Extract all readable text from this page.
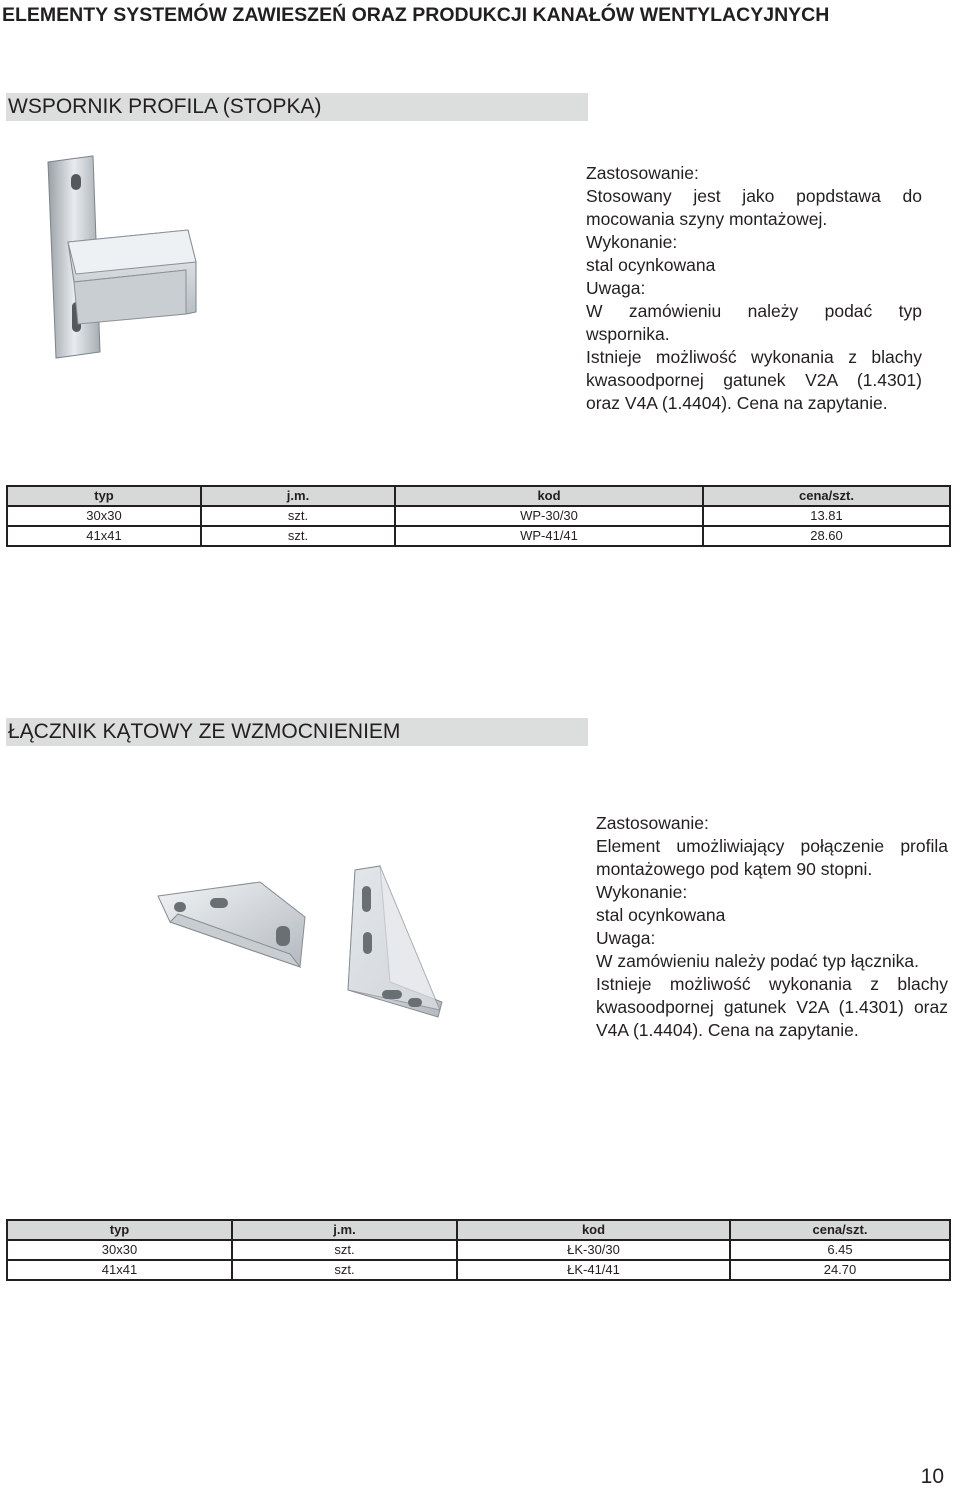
ELEMENTY SYSTEMÓW ZAWIESZEŃ ORAZ PRODUKCJI KANAŁÓW WENTYLACYJNYCH
WSPORNIK PROFILA (STOPKA)

Zastosowanie:

Stosowany jest jako popdstawa do

mocowania szyny montażowej.

Wykonanie:

stal ocynkowana

Uwaga:

W zamówieniu należy podać typ

wspornika.

Istnieje możliwość wykonania z blachy

kwasoodpornej gatunek V2A (1.4301)

oraz V4A (1.4404). Cena na zapytanie.

typ	j.m.	kod	cena/szt.
30x30	szt.	WP-30/30	13.81
41x41	szt.	WP-41/41	28.60
ŁĄCZNIK KĄTOWY ZE WZMOCNIENIEM

Zastosowanie:

Element umożliwiający połączenie profila

montażowego pod kątem 90 stopni.

Wykonanie:

stal ocynkowana

Uwaga:

W zamówieniu należy podać typ łącznika.

Istnieje możliwość wykonania z blachy

kwasoodpornej gatunek V2A (1.4301) oraz

V4A (1.4404). Cena na zapytanie.

typ	j.m.	kod	cena/szt.
30x30	szt.	ŁK-30/30	6.45
41x41	szt.	ŁK-41/41	24.70
10
